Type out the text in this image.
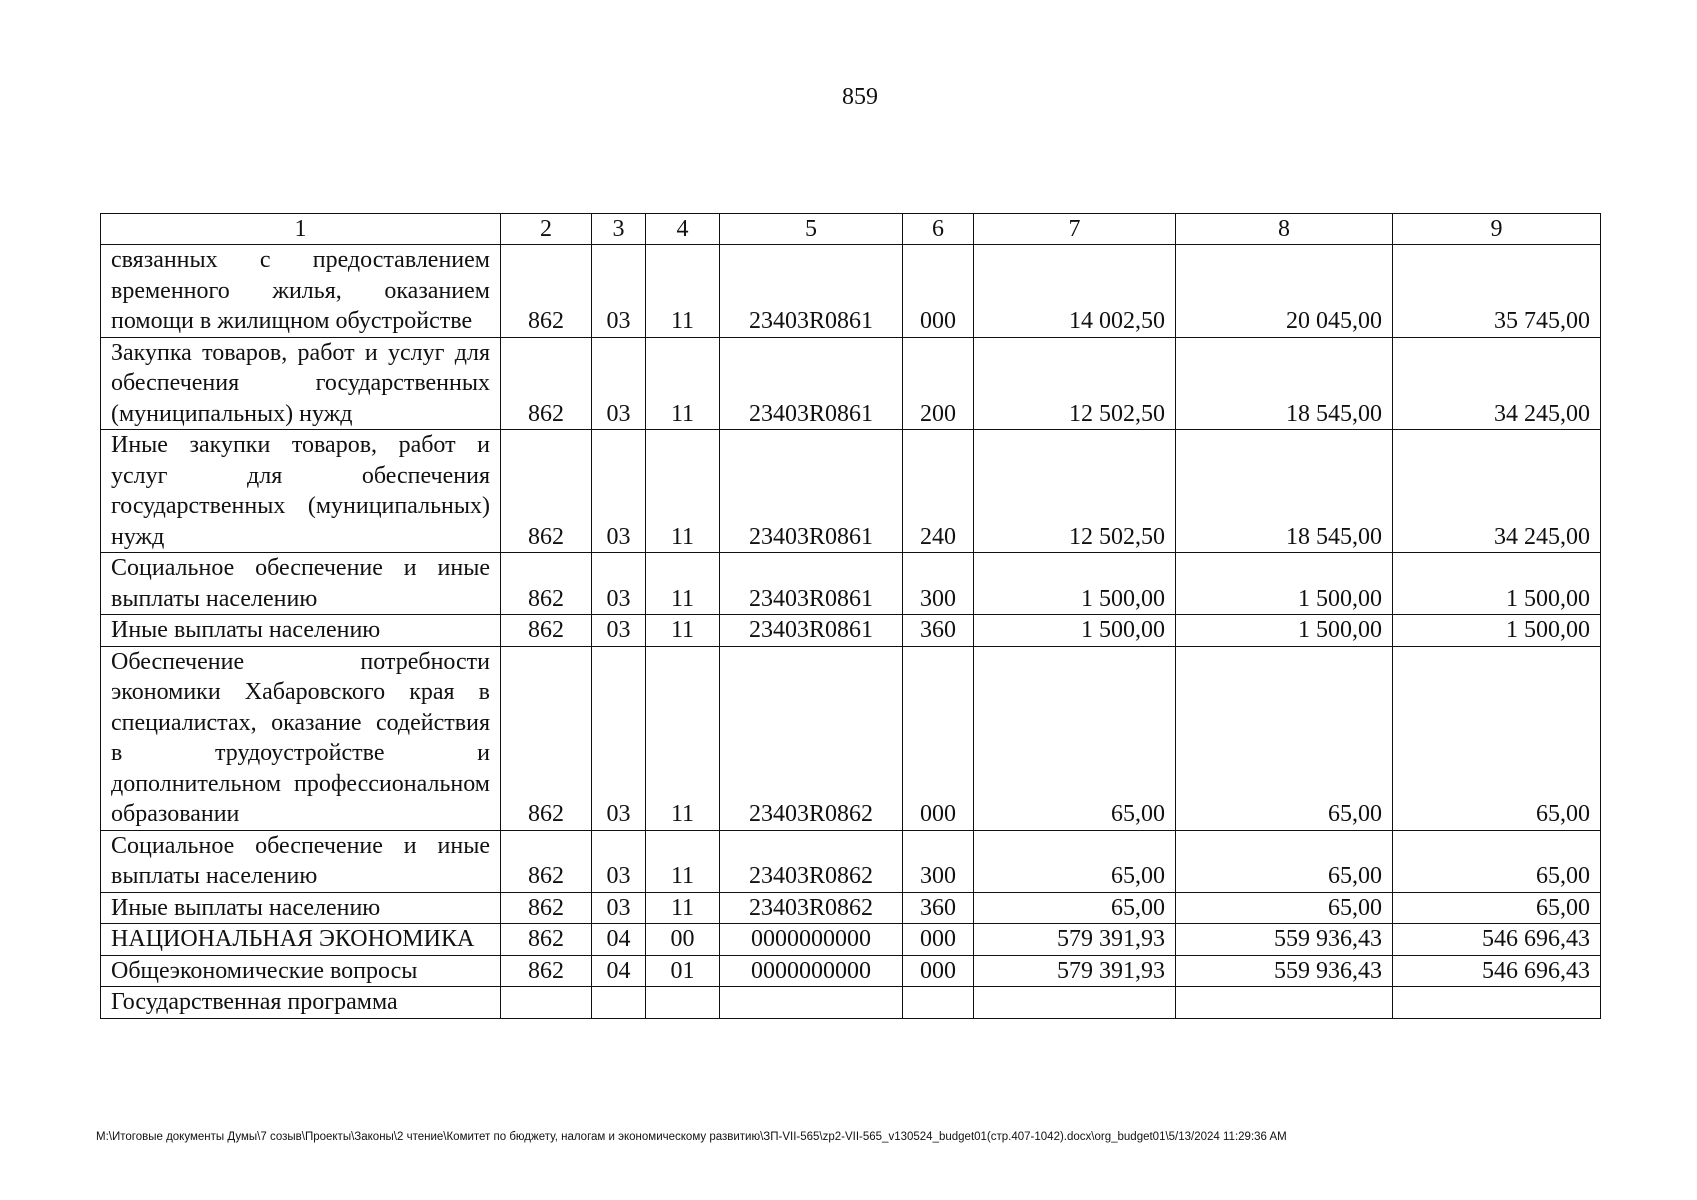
859
1	2	3	4	5	6	7	8	9
связанных с предоставлением временного жилья, оказанием помощи в жилищном обустройстве	862	03	11	23403R0861	000	14 002,50	20 045,00	35 745,00
Закупка товаров, работ и услуг для обеспечения государственных (муниципальных) нужд	862	03	11	23403R0861	200	12 502,50	18 545,00	34 245,00
Иные закупки товаров, работ и услуг для обеспечения государственных (муниципальных) нужд	862	03	11	23403R0861	240	12 502,50	18 545,00	34 245,00
Социальное обеспечение и иные выплаты населению	862	03	11	23403R0861	300	1 500,00	1 500,00	1 500,00
Иные выплаты населению	862	03	11	23403R0861	360	1 500,00	1 500,00	1 500,00
Обеспечение потребности экономики Хабаровского края в специалистах, оказание содействия в трудоустройстве и дополнительном профессиональном образовании	862	03	11	23403R0862	000	65,00	65,00	65,00
Социальное обеспечение и иные выплаты населению	862	03	11	23403R0862	300	65,00	65,00	65,00
Иные выплаты населению	862	03	11	23403R0862	360	65,00	65,00	65,00
НАЦИОНАЛЬНАЯ ЭКОНОМИКА	862	04	00	0000000000	000	579 391,93	559 936,43	546 696,43
Общеэкономические вопросы	862	04	01	0000000000	000	579 391,93	559 936,43	546 696,43
Государственная программа								
М:\Итоговые документы Думы\7 созыв\Проекты\Законы\2 чтение\Комитет по бюджету, налогам и экономическому развитию\ЗП-VII-565\zp2-VII-565_v130524_budget01(стр.407-1042).docx\org_budget01\5/13/2024 11:29:36 AM
